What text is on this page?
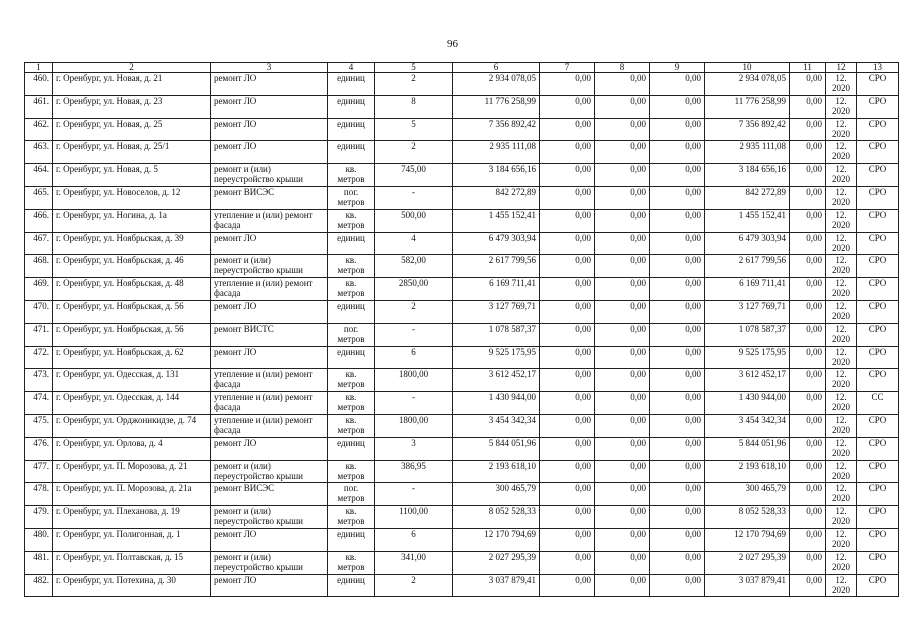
96
1	2	3	4	5	6	7	8	9	10	11	12	13
460.	г. Оренбург, ул. Новая, д. 21	ремонт ЛО	единиц	2	2 934 078,05	0,00	0,00	0,00	2 934 078,05	0,00	12. 2020	СРО
461.	г. Оренбург, ул. Новая, д. 23	ремонт ЛО	единиц	8	11 776 258,99	0,00	0,00	0,00	11 776 258,99	0,00	12. 2020	СРО
462.	г. Оренбург, ул. Новая, д. 25	ремонт ЛО	единиц	5	7 356 892,42	0,00	0,00	0,00	7 356 892,42	0,00	12. 2020	СРО
463.	г. Оренбург, ул. Новая, д. 25/1	ремонт ЛО	единиц	2	2 935 111,08	0,00	0,00	0,00	2 935 111,08	0,00	12. 2020	СРО
464.	г. Оренбург, ул. Новая, д. 5	ремонт и (или) переустройство крыши	кв. метров	745,00	3 184 656,16	0,00	0,00	0,00	3 184 656,16	0,00	12. 2020	СРО
465.	г. Оренбург, ул. Новоселов, д. 12	ремонт ВИСЭС	пог. метров	-	842 272,89	0,00	0,00	0,00	842 272,89	0,00	12. 2020	СРО
466.	г. Оренбург, ул. Ногина, д. 1а	утепление и (или) ремонт фасада	кв. метров	500,00	1 455 152,41	0,00	0,00	0,00	1 455 152,41	0,00	12. 2020	СРО
467.	г. Оренбург, ул. Ноябрьская, д. 39	ремонт ЛО	единиц	4	6 479 303,94	0,00	0,00	0,00	6 479 303,94	0,00	12. 2020	СРО
468.	г. Оренбург, ул. Ноябрьская, д. 46	ремонт и (или) переустройство крыши	кв. метров	582,00	2 617 799,56	0,00	0,00	0,00	2 617 799,56	0,00	12. 2020	СРО
469.	г. Оренбург, ул. Ноябрьская, д. 48	утепление и (или) ремонт фасада	кв. метров	2850,00	6 169 711,41	0,00	0,00	0,00	6 169 711,41	0,00	12. 2020	СРО
470.	г. Оренбург, ул. Ноябрьская, д. 56	ремонт ЛО	единиц	2	3 127 769,71	0,00	0,00	0,00	3 127 769,71	0,00	12. 2020	СРО
471.	г. Оренбург, ул. Ноябрьская, д. 56	ремонт ВИСТС	пог. метров	-	1 078 587,37	0,00	0,00	0,00	1 078 587,37	0,00	12. 2020	СРО
472.	г. Оренбург, ул. Ноябрьская, д. 62	ремонт ЛО	единиц	6	9 525 175,95	0,00	0,00	0,00	9 525 175,95	0,00	12. 2020	СРО
473.	г. Оренбург, ул. Одесская, д. 131	утепление и (или) ремонт фасада	кв. метров	1800,00	3 612 452,17	0,00	0,00	0,00	3 612 452,17	0,00	12. 2020	СРО
474.	г. Оренбург, ул. Одесская, д. 144	утепление и (или) ремонт фасада	кв. метров	-	1 430 944,00	0,00	0,00	0,00	1 430 944,00	0,00	12. 2020	СС
475.	г. Оренбург, ул. Орджоникидзе, д. 74	утепление и (или) ремонт фасада	кв. метров	1800,00	3 454 342,34	0,00	0,00	0,00	3 454 342,34	0,00	12. 2020	СРО
476.	г. Оренбург, ул. Орлова, д. 4	ремонт ЛО	единиц	3	5 844 051,96	0,00	0,00	0,00	5 844 051,96	0,00	12. 2020	СРО
477.	г. Оренбург, ул. П. Морозова, д. 21	ремонт и (или) переустройство крыши	кв. метров	386,95	2 193 618,10	0,00	0,00	0,00	2 193 618,10	0,00	12. 2020	СРО
478.	г. Оренбург, ул. П. Морозова, д. 21а	ремонт ВИСЭС	пог. метров	-	300 465,79	0,00	0,00	0,00	300 465,79	0,00	12. 2020	СРО
479.	г. Оренбург, ул. Плеханова, д. 19	ремонт и (или) переустройство крыши	кв. метров	1100,00	8 052 528,33	0,00	0,00	0,00	8 052 528,33	0,00	12. 2020	СРО
480.	г. Оренбург, ул. Полигонная, д. 1	ремонт ЛО	единиц	6	12 170 794,69	0,00	0,00	0,00	12 170 794,69	0,00	12. 2020	СРО
481.	г. Оренбург, ул. Полтавская, д. 15	ремонт и (или) переустройство крыши	кв. метров	341,00	2 027 295,39	0,00	0,00	0,00	2 027 295,39	0,00	12. 2020	СРО
482.	г. Оренбург, ул. Потехина, д. 30	ремонт ЛО	единиц	2	3 037 879,41	0,00	0,00	0,00	3 037 879,41	0,00	12. 2020	СРО
